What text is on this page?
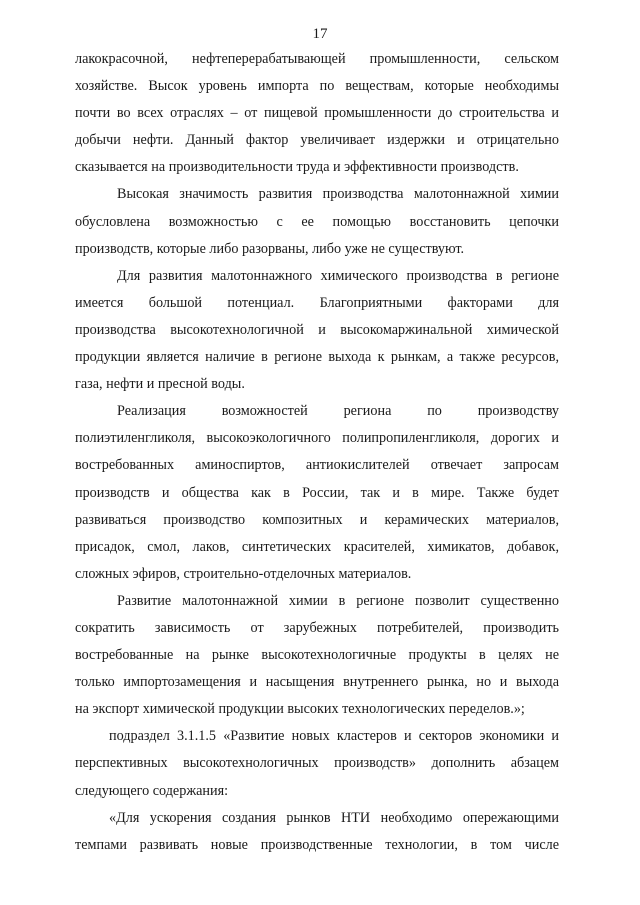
17
лакокрасочной, нефтеперерабатывающей промышленности, сельском
хозяйстве. Высок уровень импорта по веществам, которые необходимы
почти во всех отраслях – от пищевой промышленности до строительства и
добычи нефти. Данный фактор увеличивает издержки и отрицательно
сказывается на производительности труда и эффективности производств.
Высокая значимость развития производства малотоннажной химии
обусловлена возможностью с ее помощью восстановить цепочки
производств, которые либо разорваны, либо уже не существуют.
Для развития малотоннажного химического производства в регионе
имеется большой потенциал. Благоприятными факторами для
производства высокотехнологичной и высокомаржинальной химической
продукции является наличие в регионе выхода к рынкам, а также ресурсов,
газа, нефти и пресной воды.
Реализация возможностей региона по производству
полиэтиленгликоля, высокоэкологичного полипропиленгликоля, дорогих и
востребованных аминоспиртов, антиокислителей отвечает запросам
производств и общества как в России, так и в мире. Также будет
развиваться производство композитных и керамических материалов,
присадок, смол, лаков, синтетических красителей, химикатов, добавок,
сложных эфиров, строительно-отделочных материалов.
Развитие малотоннажной химии в регионе позволит существенно
сократить зависимость от зарубежных потребителей, производить
востребованные на рынке высокотехнологичные продукты в целях не
только импортозамещения и насыщения внутреннего рынка, но и выхода
на экспорт химической продукции высоких технологических переделов.»;
подраздел 3.1.1.5 «Развитие новых кластеров и секторов экономики и
перспективных высокотехнологичных производств» дополнить абзацем
следующего содержания:
«Для ускорения создания рынков НТИ необходимо опережающими
темпами развивать новые производственные технологии, в том числе
